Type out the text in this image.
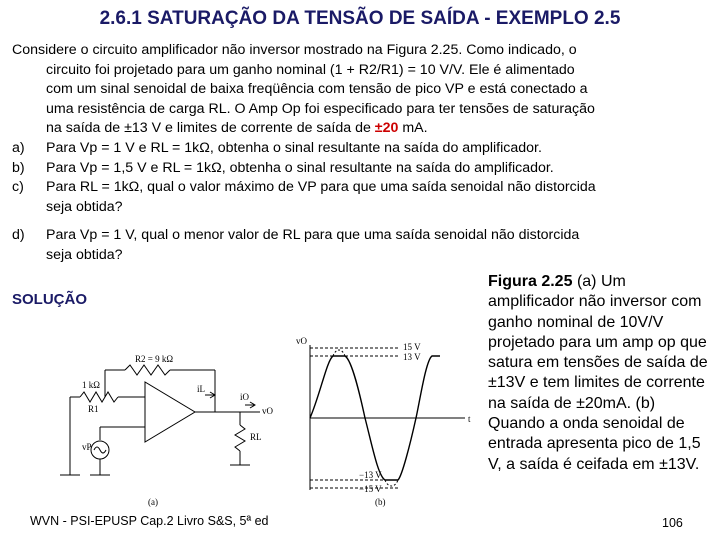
2.6.1 SATURAÇÃO DA TENSÃO DE SAÍDA - EXEMPLO 2.5
Considere o circuito amplificador não inversor mostrado na Figura 2.25. Como indicado, o
circuito foi projetado para um ganho nominal (1 + R2/R1) = 10 V/V. Ele é alimentado
com um sinal senoidal de baixa freqüência com tensão de pico VP e está conectado a
uma resistência de carga RL. O Amp Op foi especificado para ter tensões de saturação
na saída de ±13 V e limites de corrente de saída de ±20 mA.
a)	Para Vp = 1 V e RL = 1kΩ, obtenha o sinal resultante na saída do amplificador.
b)	Para Vp = 1,5 V e RL = 1kΩ, obtenha o sinal resultante na saída do amplificador.
c)	Para RL = 1kΩ, qual o valor máximo de VP para que uma saída senoidal não distorcida
seja obtida?
d)	Para Vp = 1 V, qual o menor valor de RL para que uma saída senoidal não distorcida
seja obtida?
SOLUÇÃO
R2 = 9 kΩ
1 kΩ
R1
iL
iO
vO
RL
vP
(a)	(b)
vO
t
15 V
13 V
−13 V
−15 V
Figura 2.25 (a) Um amplificador não inversor com ganho nominal de 10V/V projetado para um amp op que satura em tensões de saída de ±13V e tem limites de corrente na saída de ±20mA. (b) Quando a onda senoidal de entrada apresenta pico de 1,5 V, a saída é ceifada em ±13V.
WVN - PSI-EPUSP Cap.2 Livro S&S, 5ª ed	106
